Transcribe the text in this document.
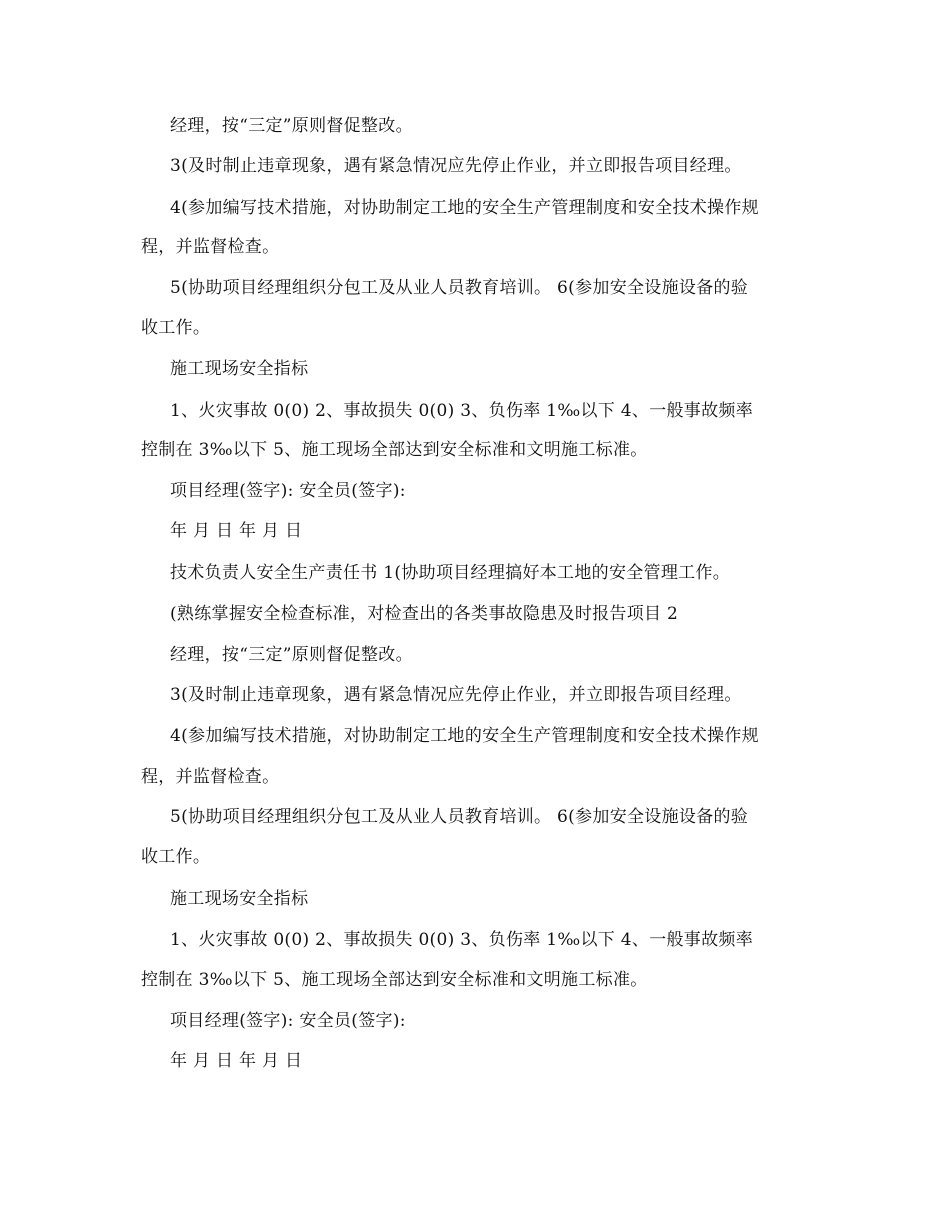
经理，按“三定”原则督促整改。
3(及时制止违章现象，遇有紧急情况应先停止作业，并立即报告项目经理。
4(参加编写技术措施，对协助制定工地的安全生产管理制度和安全技术操作规
程，并监督检查。
5(协助项目经理组织分包工及从业人员教育培训。 6(参加安全设施设备的验
收工作。
施工现场安全指标
1、火灾事故 0(0) 2、事故损失 0(0) 3、负伤率 1‰以下 4、一般事故频率
控制在 3‰以下 5、施工现场全部达到安全标准和文明施工标准。
项目经理(签字): 安全员(签字):
年 月 日 年 月 日
技术负责人安全生产责任书 1(协助项目经理搞好本工地的安全管理工作。
(熟练掌握安全检查标准，对检查出的各类事故隐患及时报告项目 2
经理，按“三定”原则督促整改。
3(及时制止违章现象，遇有紧急情况应先停止作业，并立即报告项目经理。
4(参加编写技术措施，对协助制定工地的安全生产管理制度和安全技术操作规
程，并监督检查。
5(协助项目经理组织分包工及从业人员教育培训。 6(参加安全设施设备的验
收工作。
施工现场安全指标
1、火灾事故 0(0) 2、事故损失 0(0) 3、负伤率 1‰以下 4、一般事故频率
控制在 3‰以下 5、施工现场全部达到安全标准和文明施工标准。
项目经理(签字): 安全员(签字):
年 月 日 年 月 日
